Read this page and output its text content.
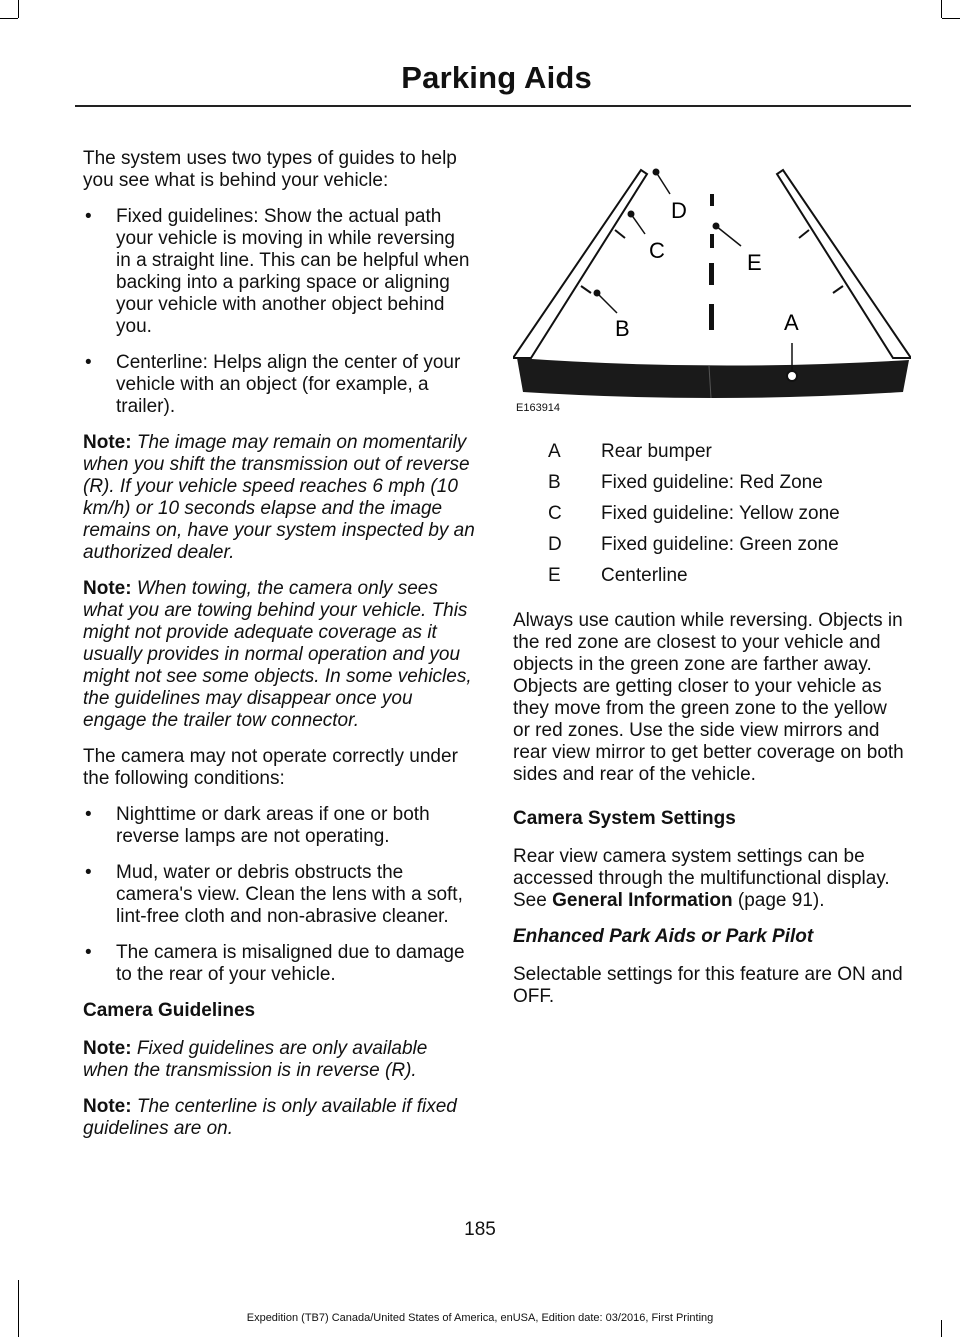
Parking Aids

The system uses two types of guides to help you see what is behind your vehicle:

• Fixed guidelines: Show the actual path your vehicle is moving in while reversing in a straight line. This can be helpful when backing into a parking space or aligning your vehicle with another object behind you.
• Centerline: Helps align the center of your vehicle with an object (for example, a trailer).

Note: The image may remain on momentarily when you shift the transmission out of reverse (R). If your vehicle speed reaches 6 mph (10 km/h) or 10 seconds elapse and the image remains on, have your system inspected by an authorized dealer.

Note: When towing, the camera only sees what you are towing behind your vehicle. This might not provide adequate coverage as it usually provides in normal operation and you might not see some objects. In some vehicles, the guidelines may disappear once you engage the trailer tow connector.

The camera may not operate correctly under the following conditions:

• Nighttime or dark areas if one or both reverse lamps are not operating.
• Mud, water or debris obstructs the camera's view. Clean the lens with a soft, lint-free cloth and non-abrasive cleaner.
• The camera is misaligned due to damage to the rear of your vehicle.

Camera Guidelines

Note: Fixed guidelines are only available when the transmission is in reverse (R).

Note: The centerline is only available if fixed guidelines are on.

D
C	E
B	A
E163914
A Rear bumper
B Fixed guideline: Red Zone
C Fixed guideline: Yellow zone
D Fixed guideline: Green zone
E Centerline

Always use caution while reversing. Objects in the red zone are closest to your vehicle and objects in the green zone are farther away. Objects are getting closer to your vehicle as they move from the green zone to the yellow or red zones. Use the side view mirrors and rear view mirror to get better coverage on both sides and rear of the vehicle.

Camera System Settings

Rear view camera system settings can be accessed through the multifunctional display. See General Information (page 91).

Enhanced Park Aids or Park Pilot

Selectable settings for this feature are ON and OFF.

185
Expedition (TB7) Canada/United States of America, enUSA, Edition date: 03/2016, First Printing
